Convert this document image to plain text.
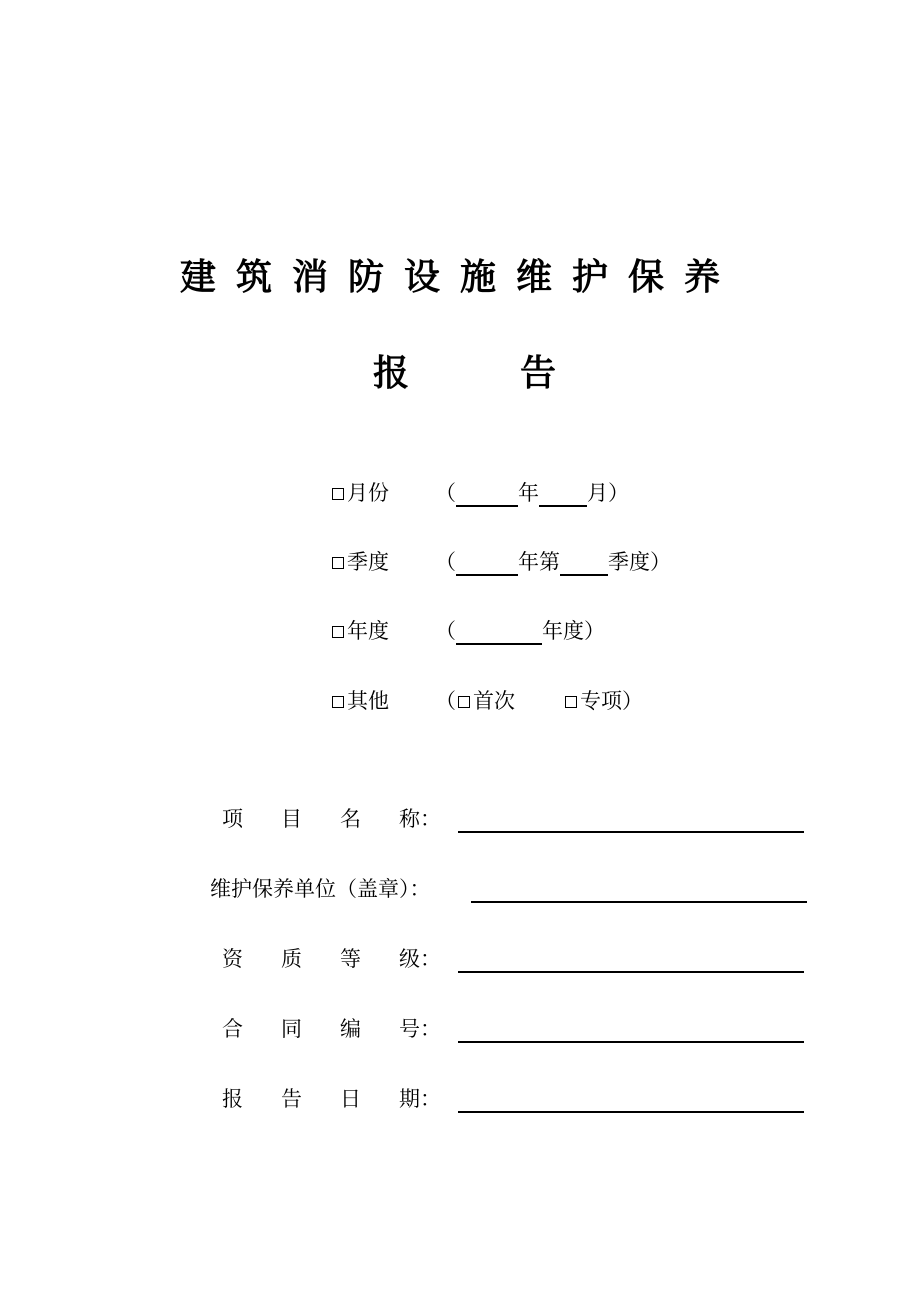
建筑消防设施维护保养
报	告
月份 （	年 月）
季度 （	年第 季度）
年度 （	年度）
其他 （ 首次	专项）
项目名称：
维护保养单位（盖章）：
资质等级：
合同编号：
报告日期：
